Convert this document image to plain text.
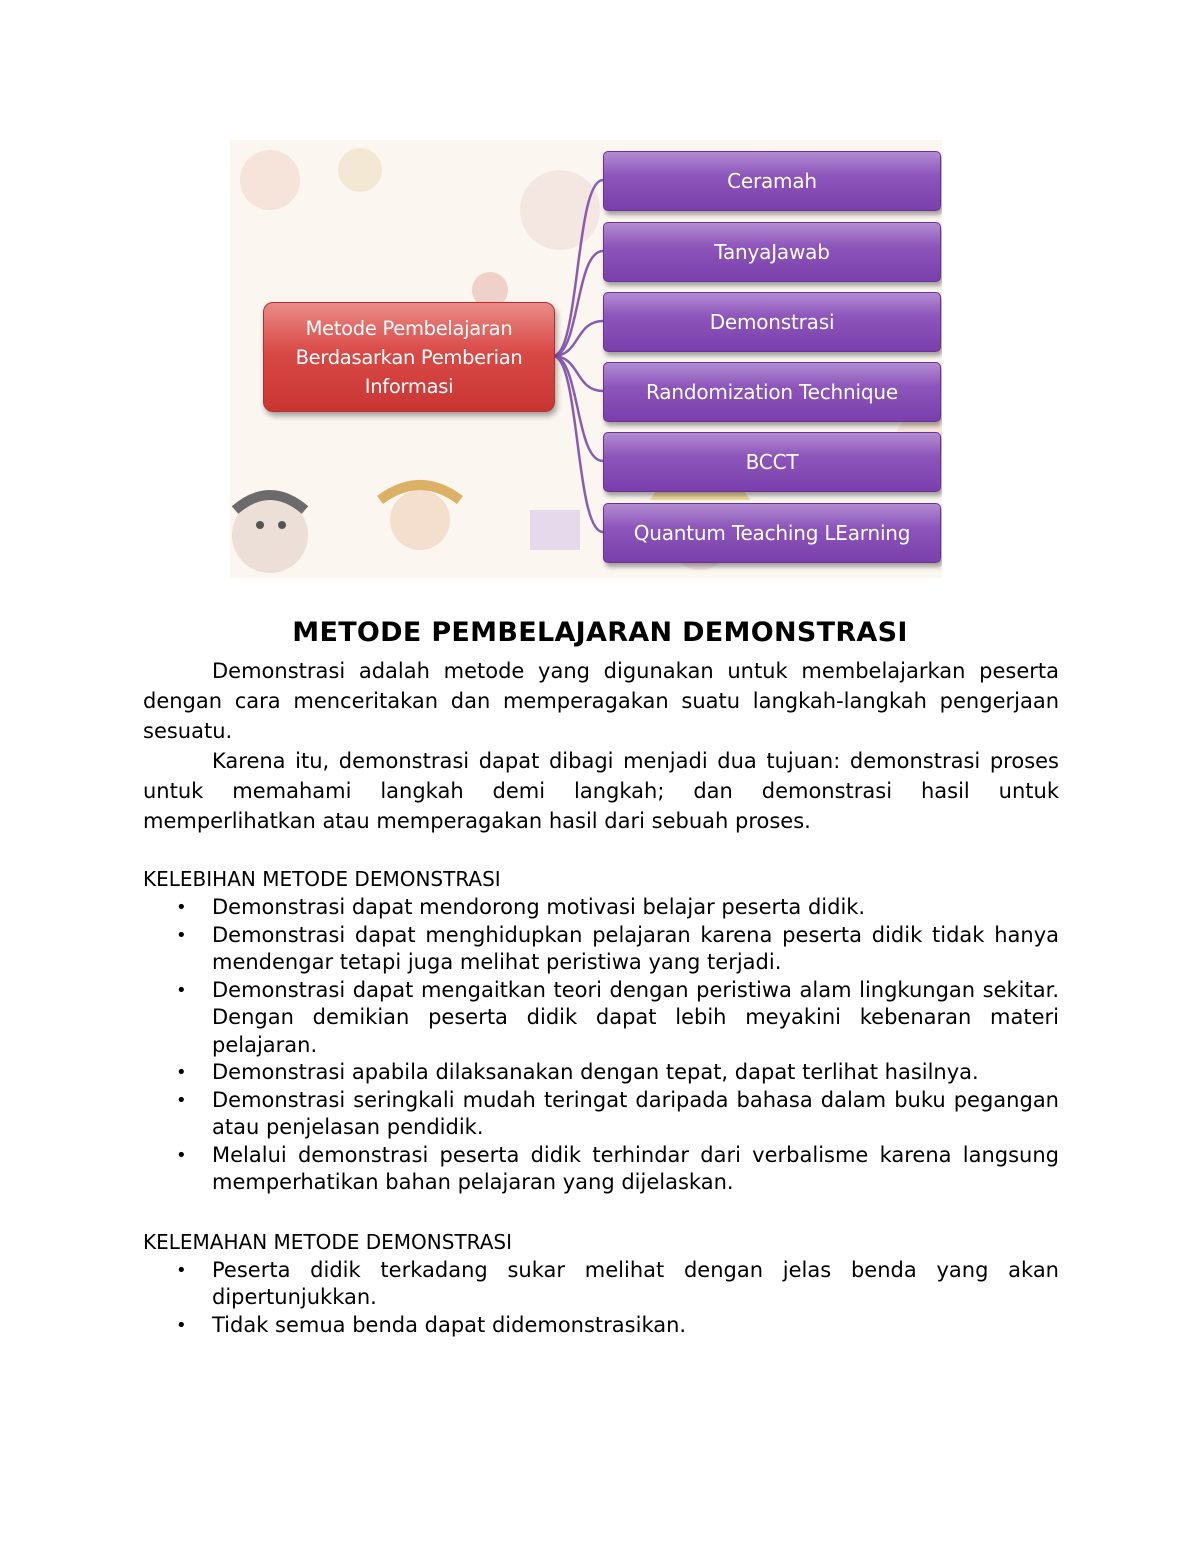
Metode Pembelajaran
Berdasarkan Pemberian
Informasi
Ceramah
TanyaJawab
Demonstrasi
Randomization Technique
BCCT
Quantum Teaching LEarning
METODE PEMBELAJARAN DEMONSTRASI

Demonstrasi adalah metode yang digunakan untuk membelajarkan peserta dengan cara menceritakan dan memperagakan suatu langkah-langkah pengerjaan sesuatu.

Karena itu, demonstrasi dapat dibagi menjadi dua tujuan: demonstrasi proses untuk memahami langkah demi langkah; dan demonstrasi hasil untuk memperlihatkan atau memperagakan hasil dari sebuah proses.

KELEBIHAN METODE DEMONSTRASI

• Demonstrasi dapat mendorong motivasi belajar peserta didik.
• Demonstrasi dapat menghidupkan pelajaran karena peserta didik tidak hanya mendengar tetapi juga melihat peristiwa yang terjadi.
• Demonstrasi dapat mengaitkan teori dengan peristiwa alam lingkungan sekitar. Dengan demikian peserta didik dapat lebih meyakini kebenaran materi pelajaran.
• Demonstrasi apabila dilaksanakan dengan tepat, dapat terlihat hasilnya.
• Demonstrasi seringkali mudah teringat daripada bahasa dalam buku pegangan atau penjelasan pendidik.
• Melalui demonstrasi peserta didik terhindar dari verbalisme karena langsung memperhatikan bahan pelajaran yang dijelaskan.

KELEMAHAN METODE DEMONSTRASI

• Peserta didik terkadang sukar melihat dengan jelas benda yang akan dipertunjukkan.
• Tidak semua benda dapat didemonstrasikan.
